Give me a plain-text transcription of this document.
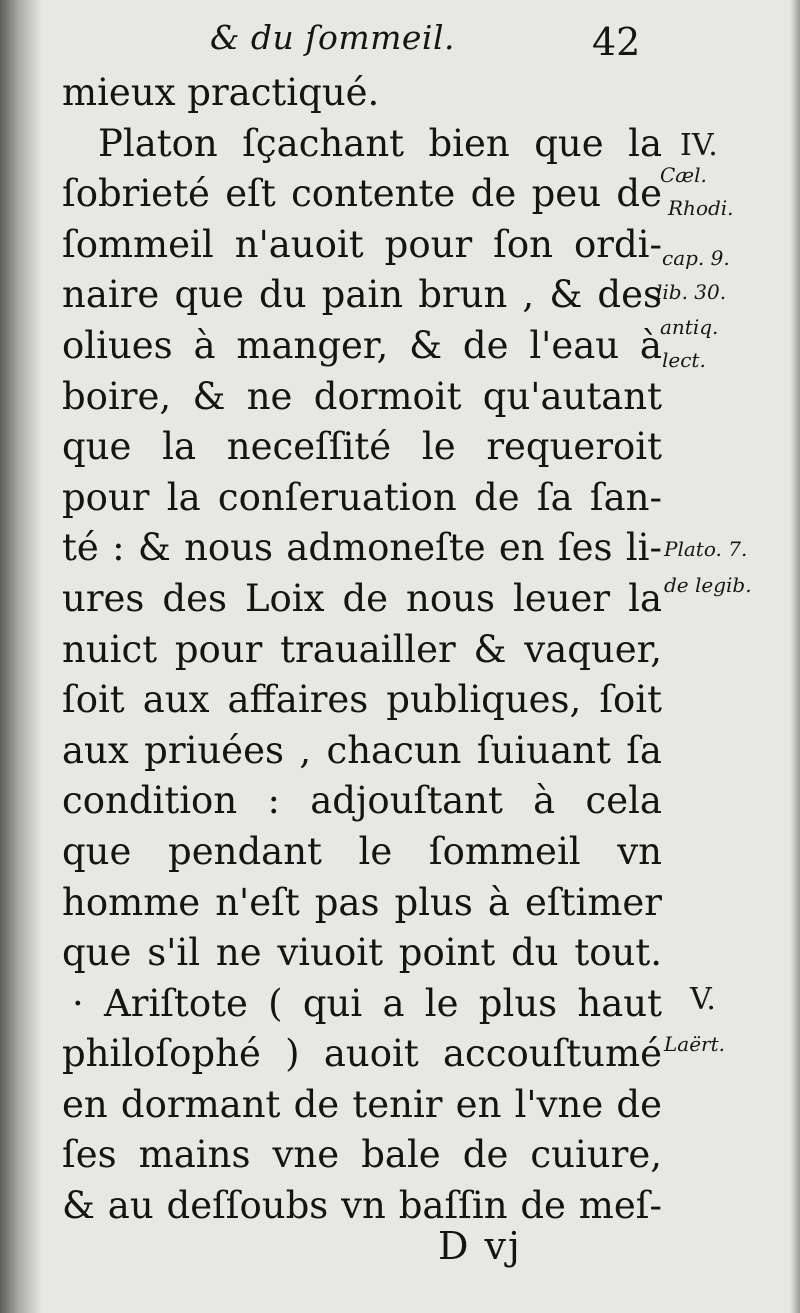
& du ſommeil.	42
mieux practiqué.
Platon ſçachant bien que la
ſobrieté eſt contente de peu de
ſommeil n'auoit pour ſon ordi-
naire que du pain brun , & des
oliues à manger, & de l'eau à
boire, & ne dormoit qu'autant
que la neceſſité le requeroit
pour la conſeruation de ſa ſan-
té : & nous admoneſte en ſes li-
ures des Loix de nous leuer la
nuict pour trauailler & vaquer,
ſoit aux affaires publiques, ſoit
aux priuées , chacun ſuiuant ſa
condition : adjouſtant à cela
que pendant le ſommeil vn
homme n'eſt pas plus à eſtimer
que s'il ne viuoit point du tout.
· Ariſtote ( qui a le plus haut
philoſophé ) auoit accouſtumé
en dormant de tenir en l'vne de
ſes mains vne bale de cuiure,
& au deſſoubs vn baſſin de meſ-
IV.
Cæl.
Rhodi.
cap. 9.
lib. 30.
antiq.
lect.
Plato. 7.
de legib.
V.
Laërt.
D vj
